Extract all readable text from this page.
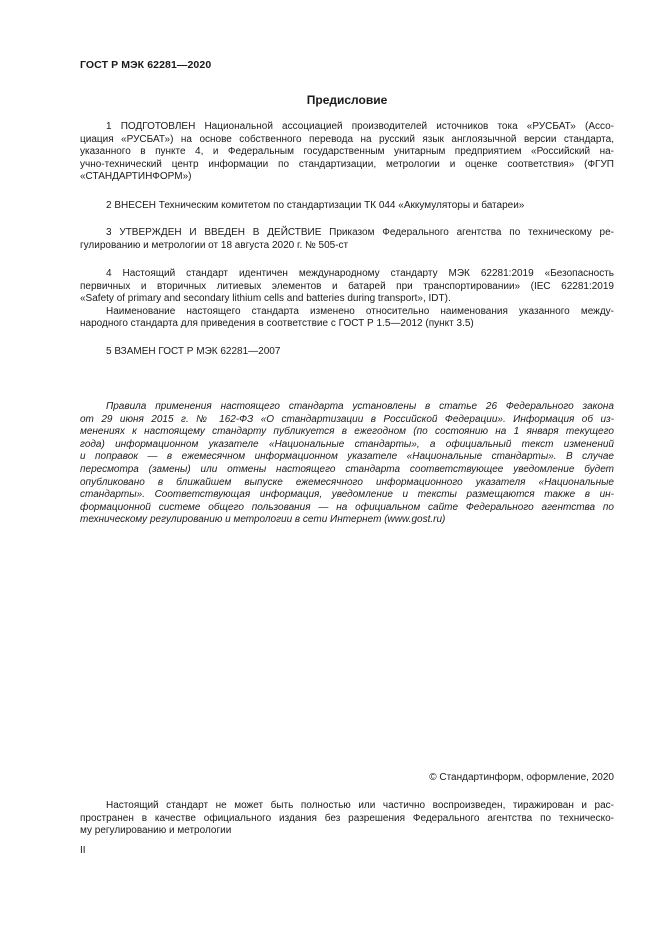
ГОСТ Р МЭК 62281—2020
Предисловие
1 ПОДГОТОВЛЕН Национальной ассоциацией производителей источников тока «РУСБАТ» (Ассо-
циация «РУСБАТ») на основе собственного перевода на русский язык англоязычной версии стандарта,
указанного в пункте 4, и Федеральным государственным унитарным предприятием «Российский на-
учно-технический центр информации по стандартизации, метрологии и оценке соответствия» (ФГУП
«СТАНДАРТИНФОРМ»)
2 ВНЕСЕН Техническим комитетом по стандартизации ТК 044 «Аккумуляторы и батареи»
3 УТВЕРЖДЕН И ВВЕДЕН В ДЕЙСТВИЕ Приказом Федерального агентства по техническому ре-
гулированию и метрологии от 18 августа 2020 г. № 505-ст
4 Настоящий стандарт идентичен международному стандарту МЭК 62281:2019 «Безопасность
первичных и вторичных литиевых элементов и батарей при транспортировании» (IEC 62281:2019
«Safety of primary and secondary lithium cells and batteries during transport», IDT).
Наименование настоящего стандарта изменено относительно наименования указанного между-
народного стандарта для приведения в соответствие с ГОСТ Р 1.5—2012 (пункт 3.5)
5 ВЗАМЕН ГОСТ Р МЭК 62281—2007
Правила применения настоящего стандарта установлены в статье 26 Федерального закона
от 29 июня 2015 г. № 162-ФЗ «О стандартизации в Российской Федерации». Информация об из-
менениях к настоящему стандарту публикуется в ежегодном (по состоянию на 1 января текущего
года) информационном указателе «Национальные стандарты», а официальный текст изменений
и поправок — в ежемесячном информационном указателе «Национальные стандарты». В случае
пересмотра (замены) или отмены настоящего стандарта соответствующее уведомление будет
опубликовано в ближайшем выпуске ежемесячного информационного указателя «Национальные
стандарты». Соответствующая информация, уведомление и тексты размещаются также в ин-
формационной системе общего пользования — на официальном сайте Федерального агентства по
техническому регулированию и метрологии в сети Интернет (www.gost.ru)
© Стандартинформ, оформление, 2020
Настоящий стандарт не может быть полностью или частично воспроизведен, тиражирован и рас-
пространен в качестве официального издания без разрешения Федерального агентства по техническо-
му регулированию и метрологии
II
